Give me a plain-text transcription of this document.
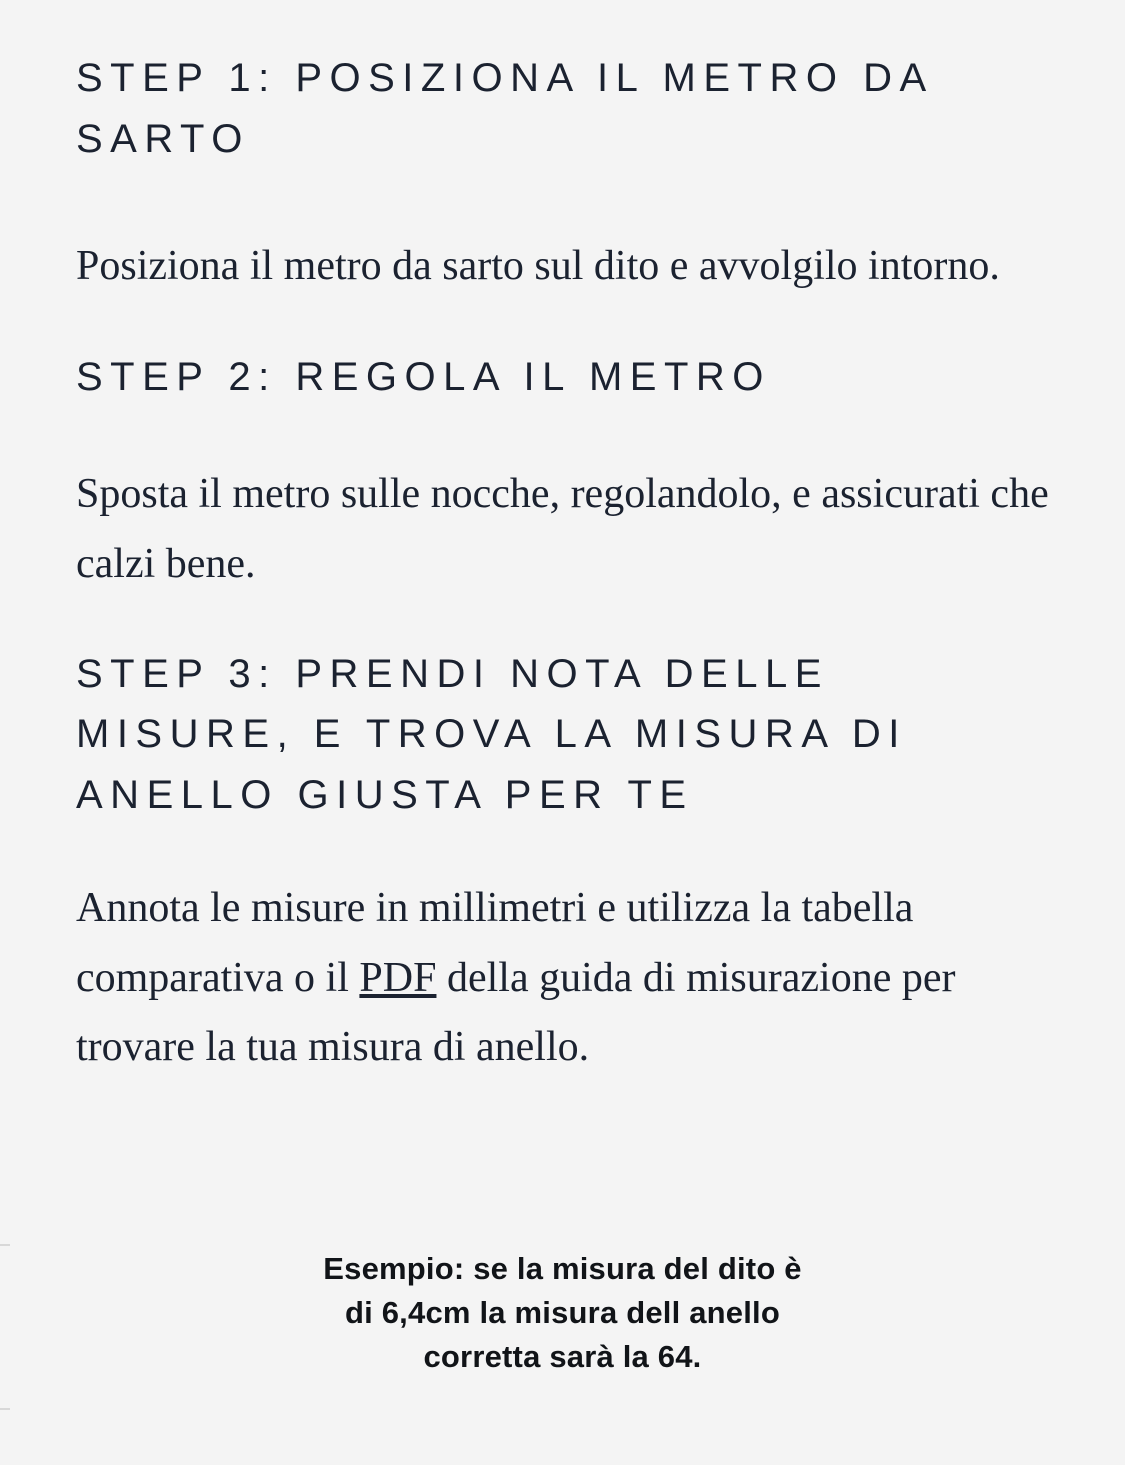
STEP 1: POSIZIONA IL METRO DA SARTO

Posiziona il metro da sarto sul dito e avvolgilo intorno.

STEP 2: REGOLA IL METRO

Sposta il metro sulle nocche, regolandolo, e assicurati che calzi bene.

STEP 3: PRENDI NOTA DELLE MISURE, E TROVA LA MISURA DI ANELLO GIUSTA PER TE

Annota le misure in millimetri e utilizza la tabella comparativa o il PDF della guida di misurazione per trovare la tua misura di anello.

Esempio: se la misura del dito è
di 6,4cm la misura dell anello
corretta sarà la 64.
